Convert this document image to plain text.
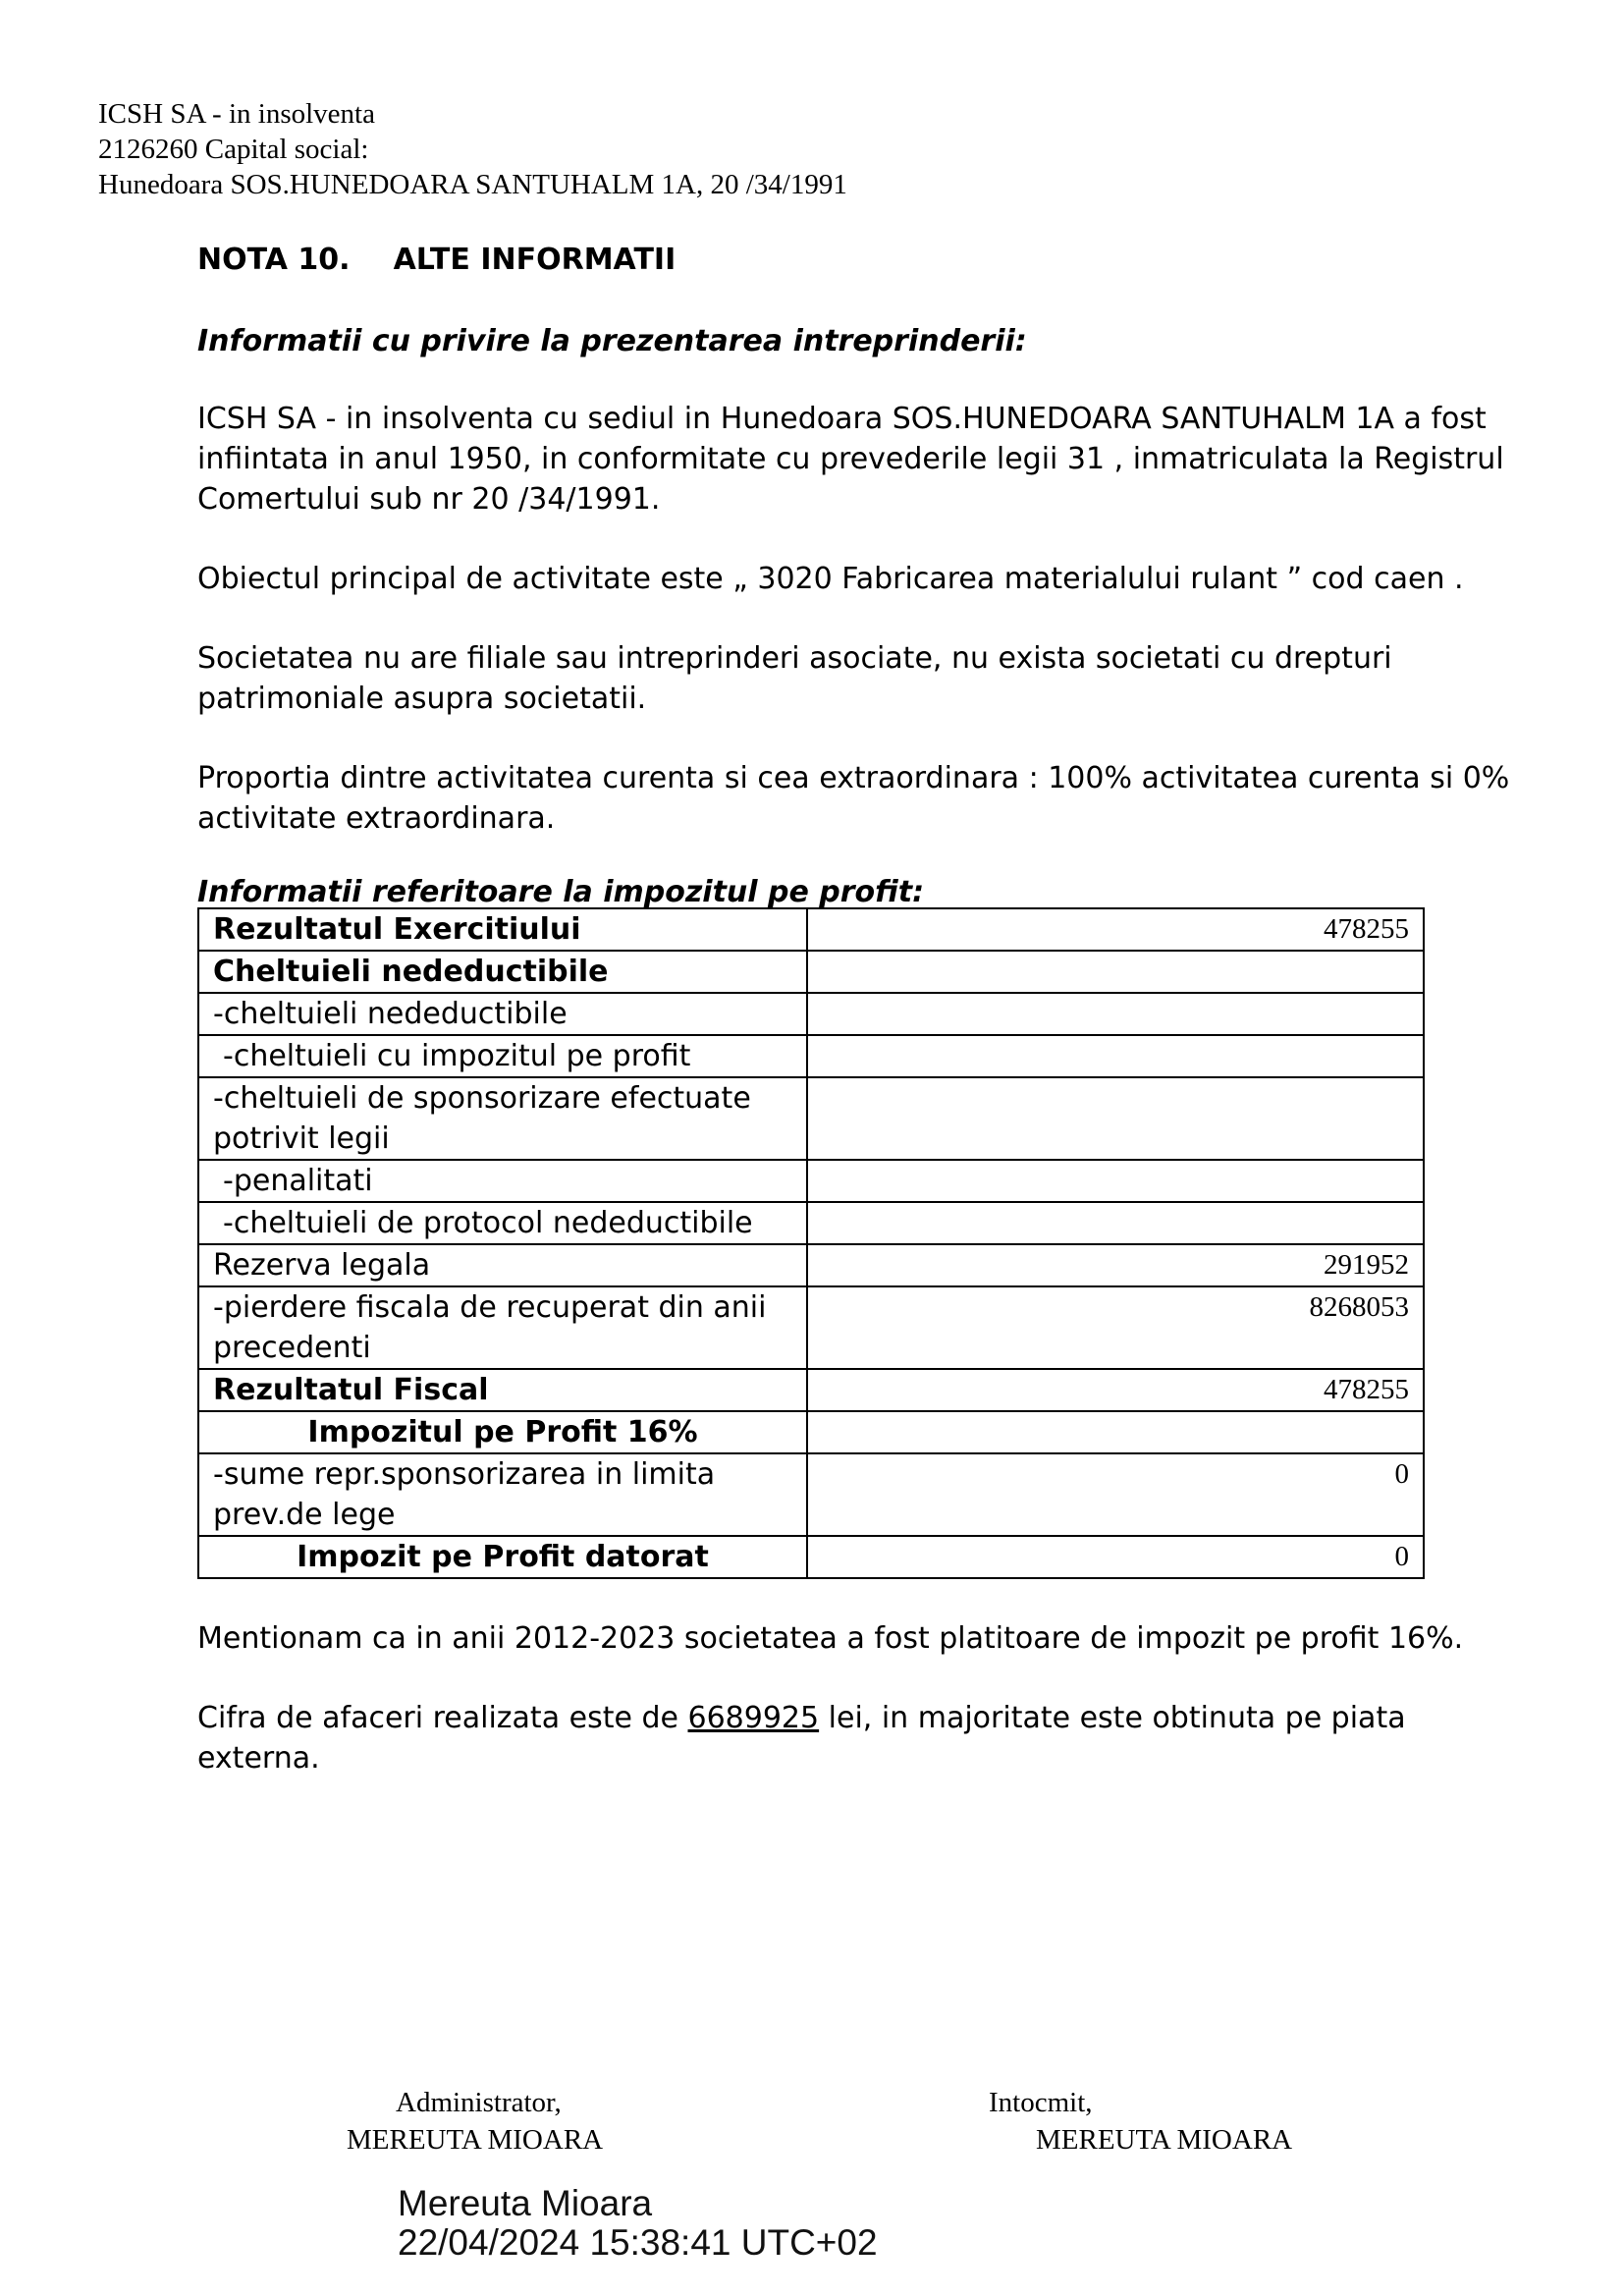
ICSH SA - in insolventa
2126260 Capital social:
Hunedoara SOS.HUNEDOARA SANTUHALM 1A, 20 /34/1991

NOTA 10. ALTE INFORMATII

Informatii cu privire la prezentarea intreprinderii:

ICSH SA - in insolventa cu sediul in Hunedoara SOS.HUNEDOARA SANTUHALM 1A a fost infiintata in anul 1950, in conformitate cu prevederile legii 31 , inmatriculata la Registrul Comertului sub nr 20 /34/1991.

Obiectul principal de activitate este „ 3020 Fabricarea materialului rulant ” cod caen .

Societatea nu are filiale sau intreprinderi asociate, nu exista societati cu drepturi patrimoniale asupra societatii.

Proportia dintre activitatea curenta si cea extraordinara : 100% activitatea curenta si 0% activitate extraordinara.

Informatii referitoare la impozitul pe profit:

Rezultatul Exercitiului	478255
Cheltuieli nedeductibile	
-cheltuieli nedeductibile	
-cheltuieli cu impozitul pe profit	
-cheltuieli de sponsorizare efectuate potrivit legii	
-penalitati	
-cheltuieli de protocol nedeductibile	
Rezerva legala	291952
-pierdere fiscala de recuperat din anii precedenti	8268053
Rezultatul Fiscal	478255
Impozitul pe Profit 16%	
-sume repr.sponsorizarea in limita prev.de lege	0
Impozit pe Profit datorat	0

Mentionam ca in anii 2012-2023 societatea a fost platitoare de impozit pe profit 16%.

Cifra de afaceri realizata este de 6689925 lei, in majoritate este obtinuta pe piata externa.

Administrator,
MEREUTA MIOARA
Intocmit,
MEREUTA MIOARA
Mereuta Mioara
22/04/2024 15:38:41 UTC+02
